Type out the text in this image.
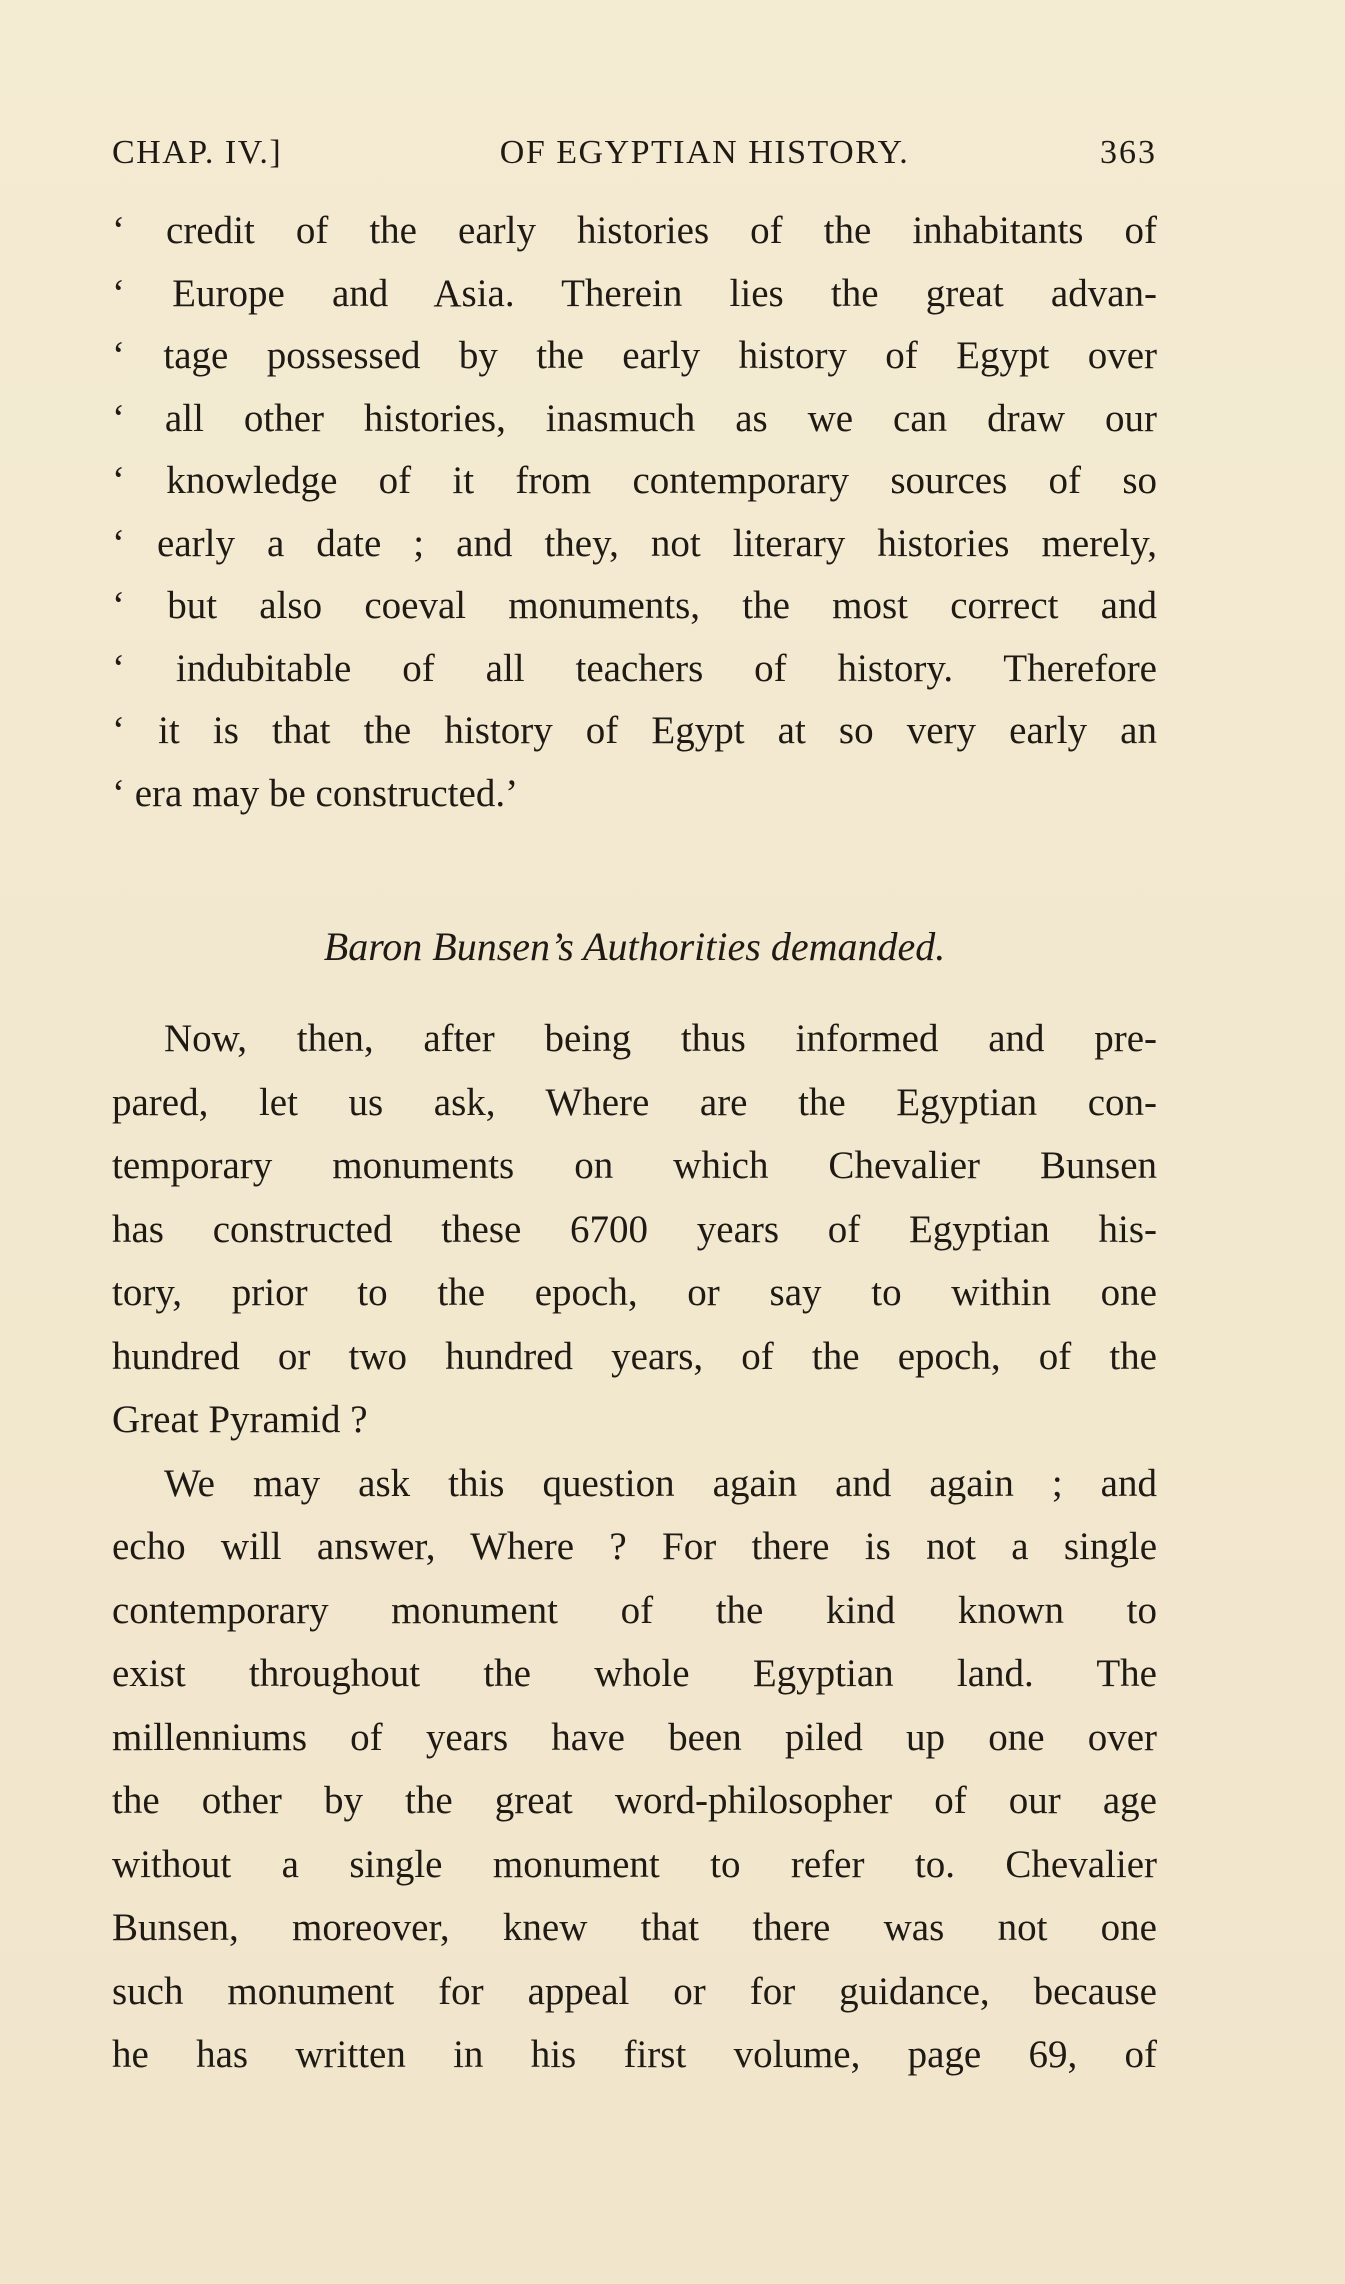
CHAP. IV.]	OF EGYPTIAN HISTORY.	363
‘ credit of the early histories of the inhabitants of
‘ Europe and Asia. Therein lies the great advan-
‘ tage possessed by the early history of Egypt over
‘ all other histories, inasmuch as we can draw our
‘ knowledge of it from contemporary sources of so
‘ early a date ; and they, not literary histories merely,
‘ but also coeval monuments, the most correct and
‘ indubitable of all teachers of history. Therefore
‘ it is that the history of Egypt at so very early an
‘ era may be constructed.’
Baron Bunsen’s Authorities demanded.
Now, then, after being thus informed and pre-
pared, let us ask, Where are the Egyptian con-
temporary monuments on which Chevalier Bunsen
has constructed these 6700 years of Egyptian his-
tory, prior to the epoch, or say to within one
hundred or two hundred years, of the epoch, of the
Great Pyramid ?
We may ask this question again and again ; and
echo will answer, Where ? For there is not a single
contemporary monument of the kind known to
exist throughout the whole Egyptian land. The
millenniums of years have been piled up one over
the other by the great word-philosopher of our age
without a single monument to refer to. Chevalier
Bunsen, moreover, knew that there was not one
such monument for appeal or for guidance, because
he has written in his first volume, page 69, of
